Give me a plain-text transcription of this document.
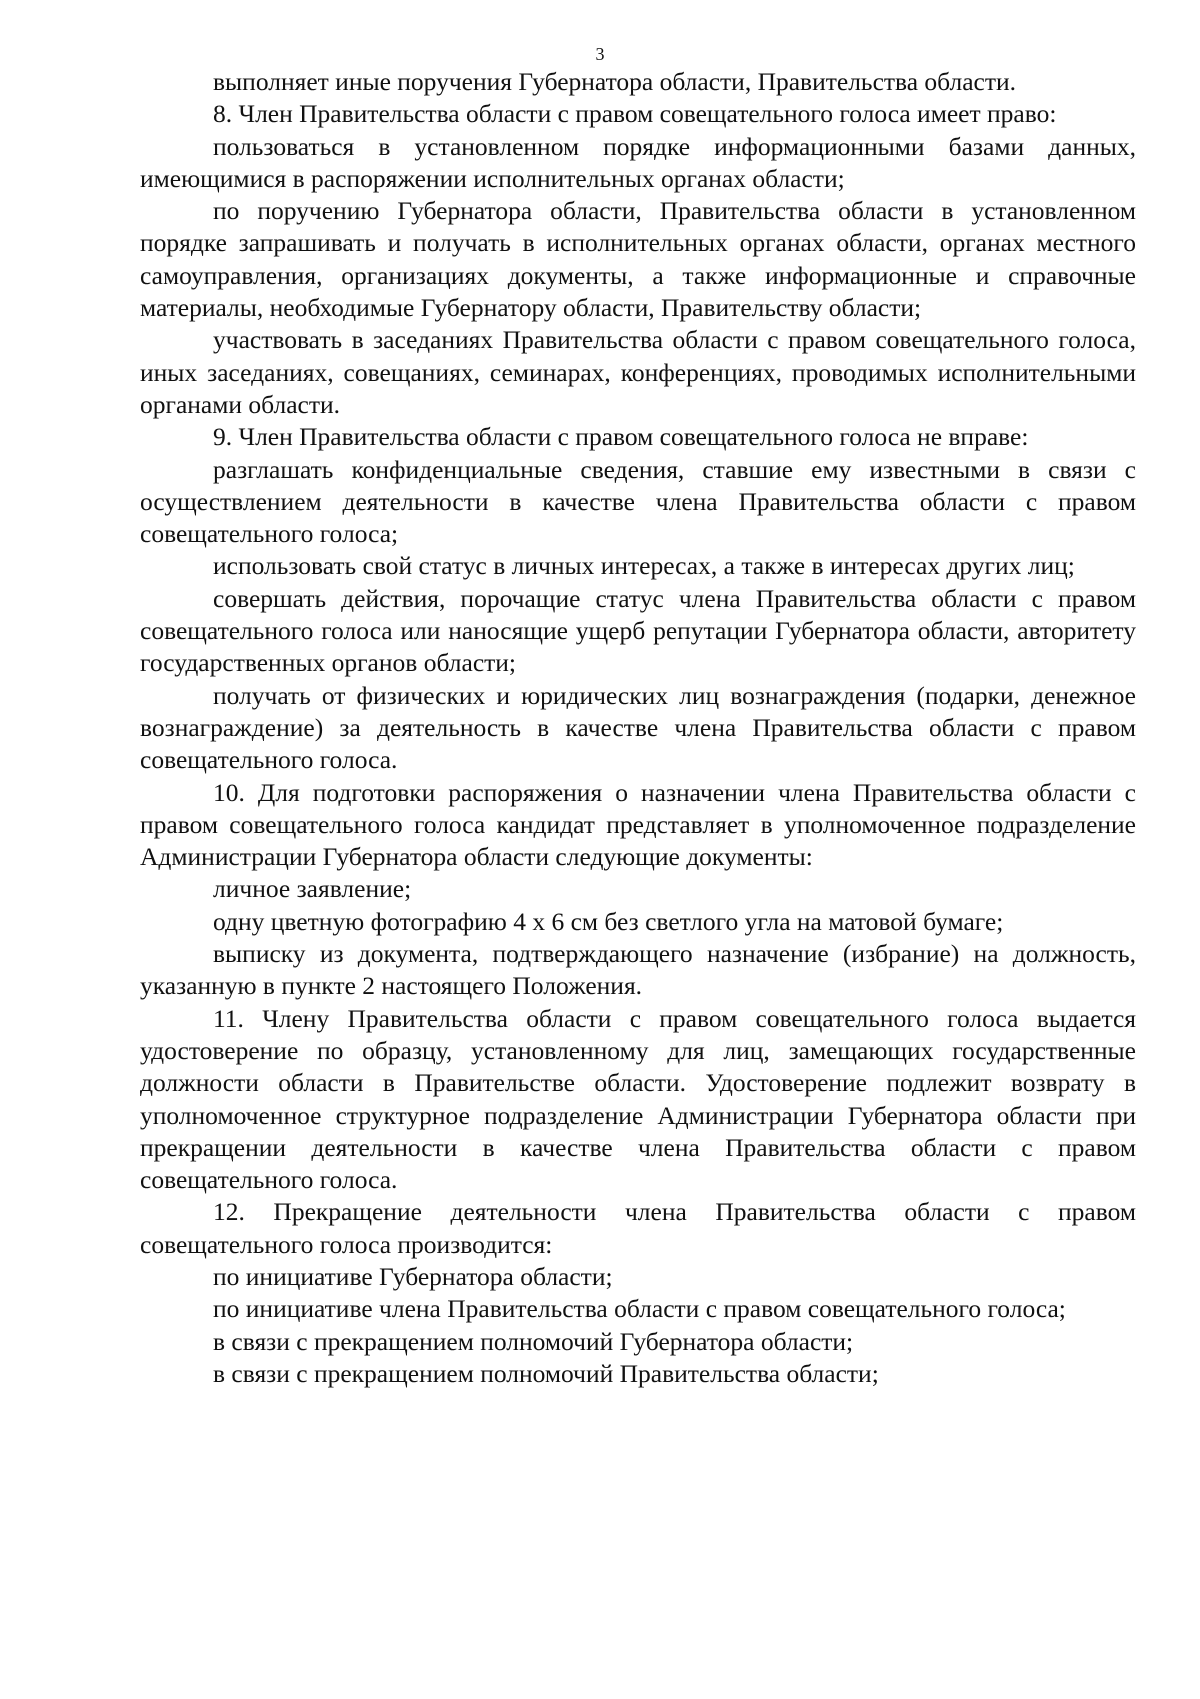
3

выполняет иные поручения Губернатора области, Правительства области.

8. Член Правительства области с правом совещательного голоса имеет право:

пользоваться в установленном порядке информационными базами данных, имеющимися в распоряжении исполнительных органах области;

по поручению Губернатора области, Правительства области в установленном порядке запрашивать и получать в исполнительных органах области, органах местного самоуправления, организациях документы, а также информационные и справочные материалы, необходимые Губернатору области, Правительству области;

участвовать в заседаниях Правительства области с правом совещательного голоса, иных заседаниях, совещаниях, семинарах, конференциях, проводимых исполнительными органами области.

9. Член Правительства области с правом совещательного голоса не вправе:

разглашать конфиденциальные сведения, ставшие ему известными в связи с осуществлением деятельности в качестве члена Правительства области с правом совещательного голоса;

использовать свой статус в личных интересах, а также в интересах других лиц;

совершать действия, порочащие статус члена Правительства области с правом совещательного голоса или наносящие ущерб репутации Губернатора области, авторитету государственных органов области;

получать от физических и юридических лиц вознаграждения (подарки, денежное вознаграждение) за деятельность в качестве члена Правительства области с правом совещательного голоса.

10. Для подготовки распоряжения о назначении члена Правительства области с правом совещательного голоса кандидат представляет в уполномоченное подразделение Администрации Губернатора области следующие документы:

личное заявление;

одну цветную фотографию 4 х 6 см без светлого угла на матовой бумаге;

выписку из документа, подтверждающего назначение (избрание) на должность, указанную в пункте 2 настоящего Положения.

11. Члену Правительства области с правом совещательного голоса выдается удостоверение по образцу, установленному для лиц, замещающих государственные должности области в Правительстве области. Удостоверение подлежит возврату в уполномоченное структурное подразделение Администрации Губернатора области при прекращении деятельности в качестве члена Правительства области с правом совещательного голоса.

12. Прекращение деятельности члена Правительства области с правом совещательного голоса производится:

по инициативе Губернатора области;

по инициативе члена Правительства области с правом совещательного голоса;

в связи с прекращением полномочий Губернатора области;

в связи с прекращением полномочий Правительства области;
